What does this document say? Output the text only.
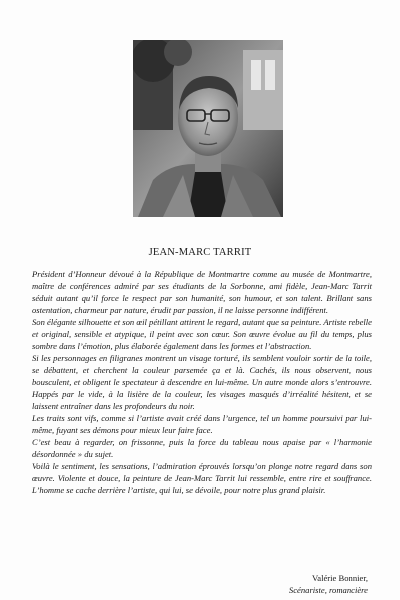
JEAN-MARC TARRIT

Président d’Honneur dévoué à la République de Montmartre comme au musée de Montmartre, maître de conférences admiré par ses étudiants de la Sorbonne, ami fidèle, Jean-Marc Tarrit séduit autant qu’il force le respect par son humanité, son humour, et son talent. Brillant sans ostentation, charmeur par nature, érudit par passion, il ne laisse personne indifférent.

Son élégante silhouette et son œil pétillant attirent le regard, autant que sa peinture. Artiste rebelle et original, sensible et atypique, il peint avec son cœur. Son œuvre évolue au fil du temps, plus sombre dans l’émotion, plus élaborée également dans les formes et l’abstraction.

Si les personnages en filigranes montrent un visage torturé, ils semblent vouloir sortir de la toile, se débattent, et cherchent la couleur parsemée ça et là. Cachés, ils nous observent, nous bousculent, et obligent le spectateur à descendre en lui-même. Un autre monde alors s’entrouvre. Happés par le vide, à la lisière de la couleur, les visages masqués d’irréalité hésitent, et se laissent entraîner dans les profondeurs du noir.

Les traits sont vifs, comme si l’artiste avait créé dans l’urgence, tel un homme poursuivi par lui-même, fuyant ses démons pour mieux leur faire face.

C’est beau à regarder, on frissonne, puis la force du tableau nous apaise par « l’harmonie désordonnée » du sujet.

Voilà le sentiment, les sensations, l’admiration éprouvés lorsqu’on plonge notre regard dans son œuvre. Violente et douce, la peinture de Jean-Marc Tarrit lui ressemble, entre rire et souffrance. L’homme se cache derrière l’artiste, qui lui, se dévoile, pour notre plus grand plaisir.

Valérie Bonnier,
Scénariste, romancière
